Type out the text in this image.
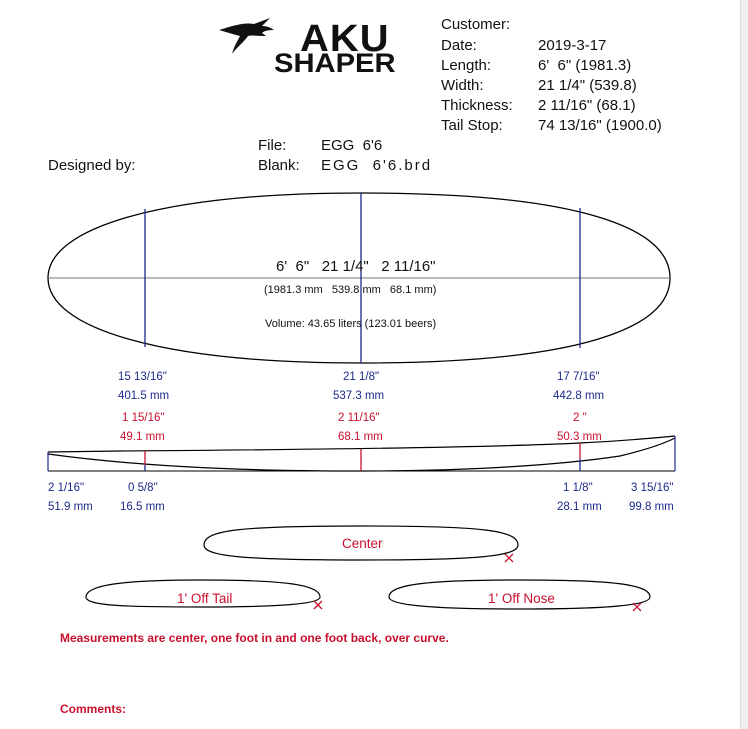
AKU
SHAPER
Customer:
Date:	2019-3-17
Length:	6'  6" (1981.3)
Width:	21 1/4" (539.8)
Thickness: 2 11/16" (68.1)
Tail Stop: 74 13/16" (1900.0)
File: EGG  6'6
Blank: EGG  6'6.brd
Designed by:
6'  6"   21 1/4"   2 11/16"
(1981.3 mm   539.8 mm   68.1 mm)
Volume: 43.65 liters (123.01 beers)
15 13/16"
401.5 mm
21 1/8"
537.3 mm
17 7/16"
442.8 mm
1 15/16"
49.1 mm
2 11/16"
68.1 mm
2 "
50.3 mm
2 1/16"
51.9 mm
0 5/8"
16.5 mm
1 1/8"
28.1 mm
3 15/16"
99.8 mm
Center
1' Off Tail	1' Off Nose
Measurements are center, one foot in and one foot back, over curve.
Comments:
